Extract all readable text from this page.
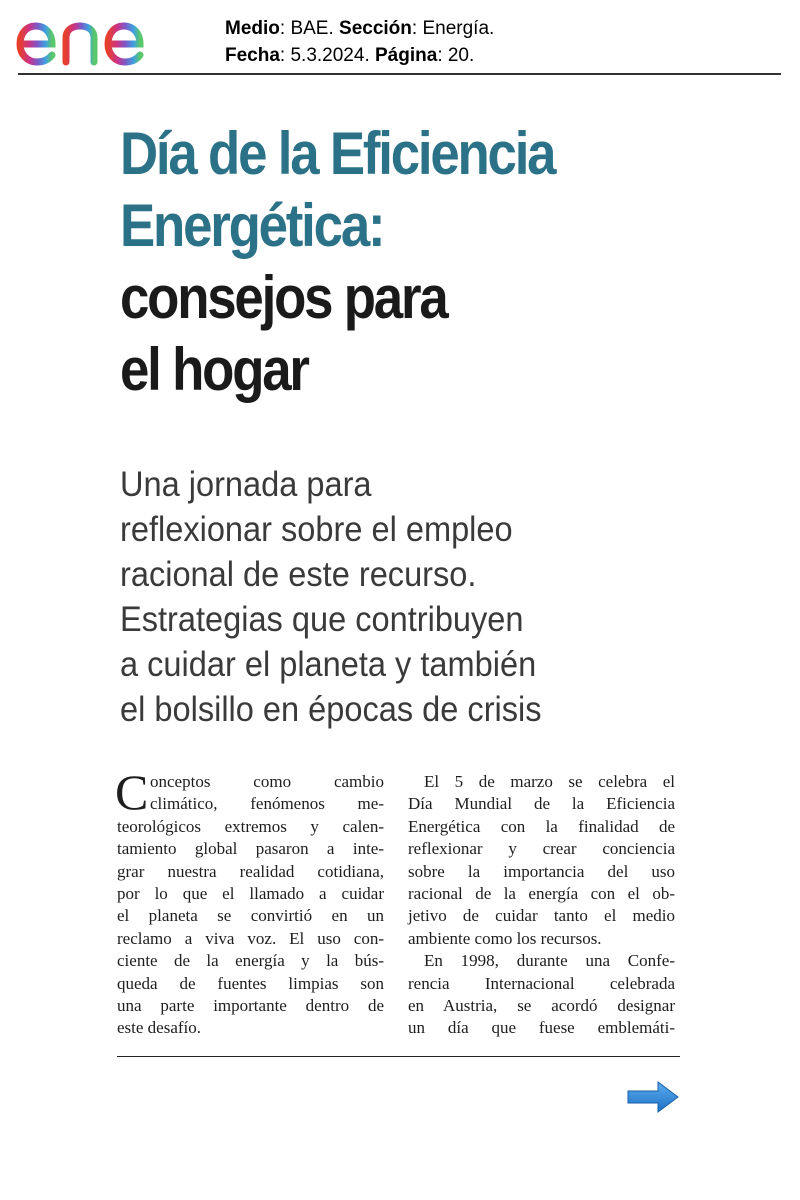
Medio: BAE. Sección: Energía.
Fecha: 5.3.2024. Página: 20.
Día de la Eficiencia
Energética:
consejos para
el hogar
Una jornada para
reflexionar sobre el empleo
racional de este recurso.
Estrategias que contribuyen
a cuidar el planeta y también
el bolsillo en épocas de crisis
C onceptos como cambio
climático, fenómenos me-
teorológicos extremos y calen-
tamiento global pasaron a inte-
grar nuestra realidad cotidiana,
por lo que el llamado a cuidar
el planeta se convirtió en un
reclamo a viva voz. El uso con-
ciente de la energía y la bús-
queda de fuentes limpias son
una parte importante dentro de
este desafío.
El 5 de marzo se celebra el
Día Mundial de la Eficiencia
Energética con la finalidad de
reflexionar y crear conciencia
sobre la importancia del uso
racional de la energía con el ob-
jetivo de cuidar tanto el medio
ambiente como los recursos.
En 1998, durante una Confe-
rencia Internacional celebrada
en Austria, se acordó designar
un día que fuese emblemáti-
